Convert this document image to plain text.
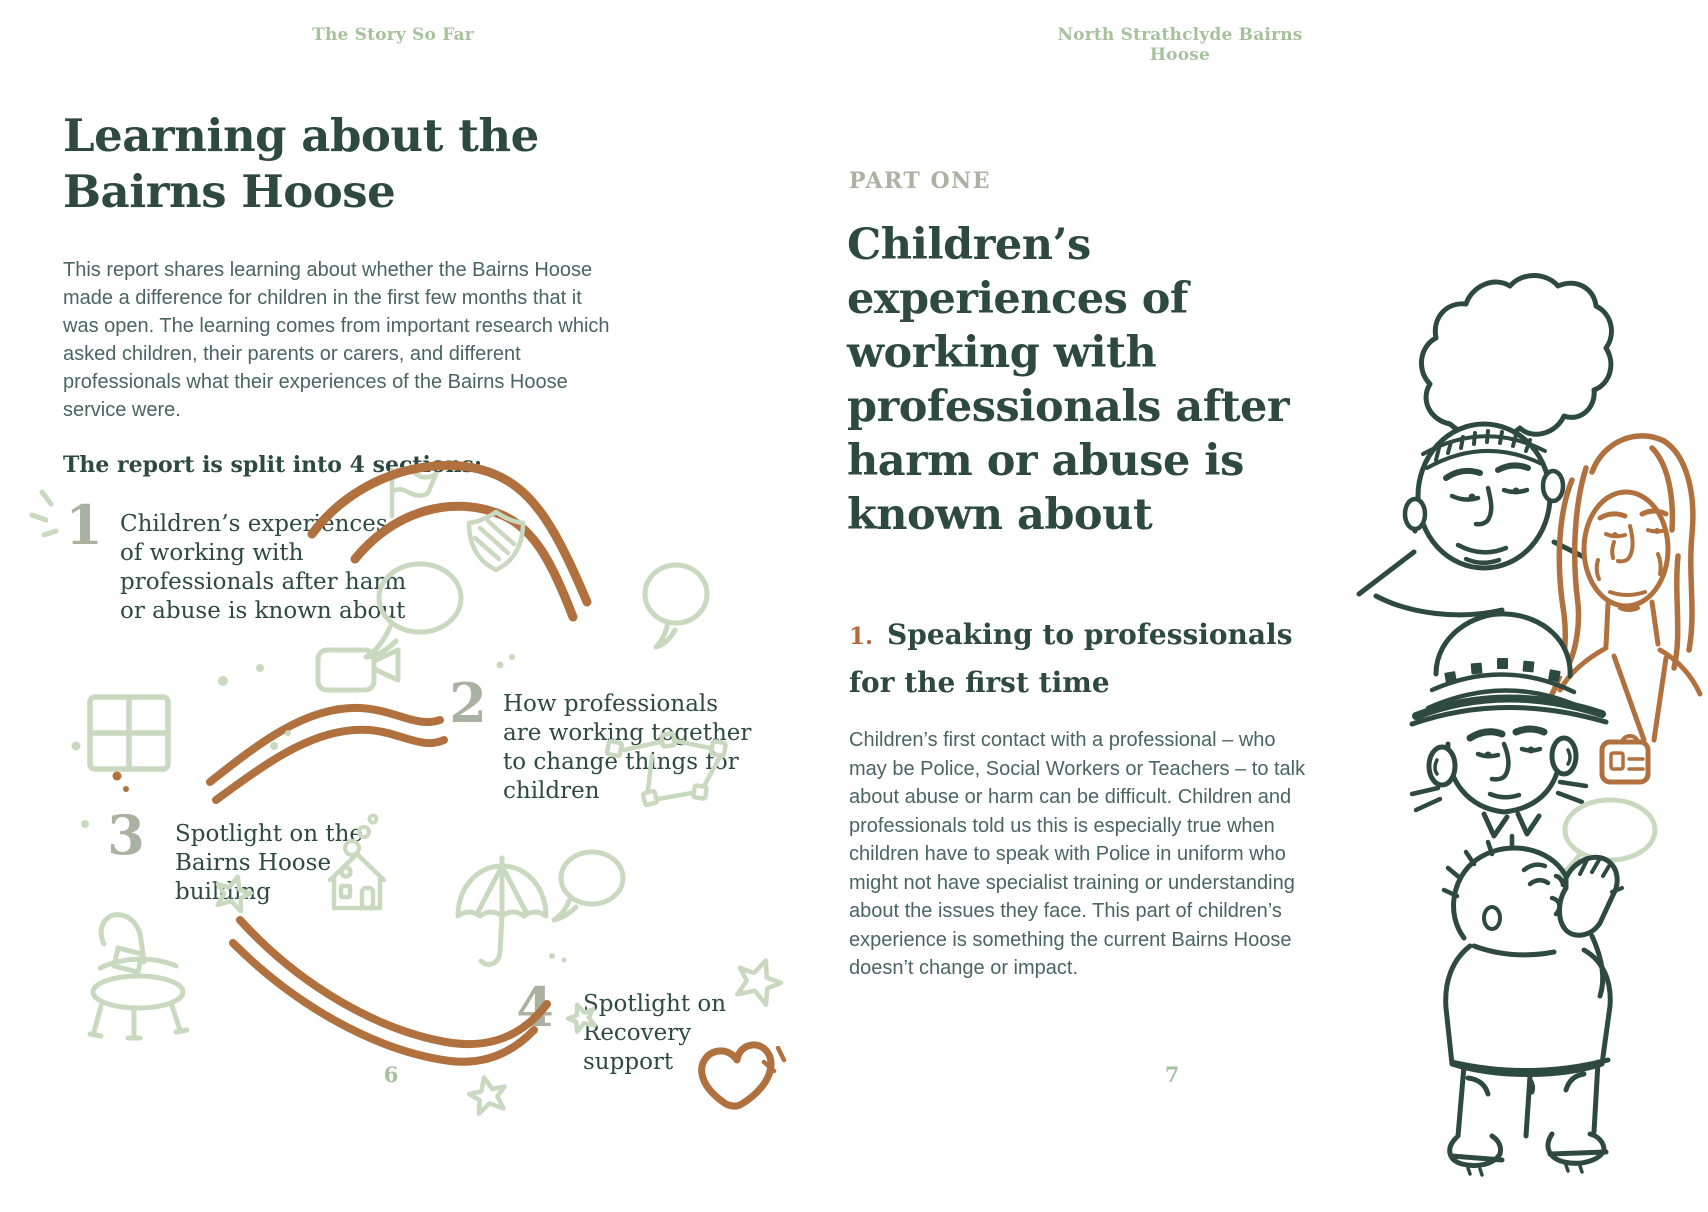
The Story So Far
Learning about the
Bairns Hoose
This report shares learning about whether the Bairns Hoose made a difference for children in the first few months that it was open. The learning comes from important research which asked children, their parents or carers, and different professionals what their experiences of the Bairns Hoose service were.
The report is split into 4 sections:
1 Children’s experiences of working with professionals after harm or abuse is known about
2 How professionals are working together to change things for children
3 Spotlight on the Bairns Hoose building
4 Spotlight on Recovery support
6
North Strathclyde Bairns Hoose
PART ONE
Children’s
experiences of
working with
professionals after
harm or abuse is
known about
1. Speaking to professionals for the first time
Children’s first contact with a professional – who may be Police, Social Workers or Teachers – to talk about abuse or harm can be difficult. Children and professionals told us this is especially true when children have to speak with Police in uniform who might not have specialist training or understanding about the issues they face. This part of children’s experience is something the current Bairns Hoose doesn’t change or impact.
7
